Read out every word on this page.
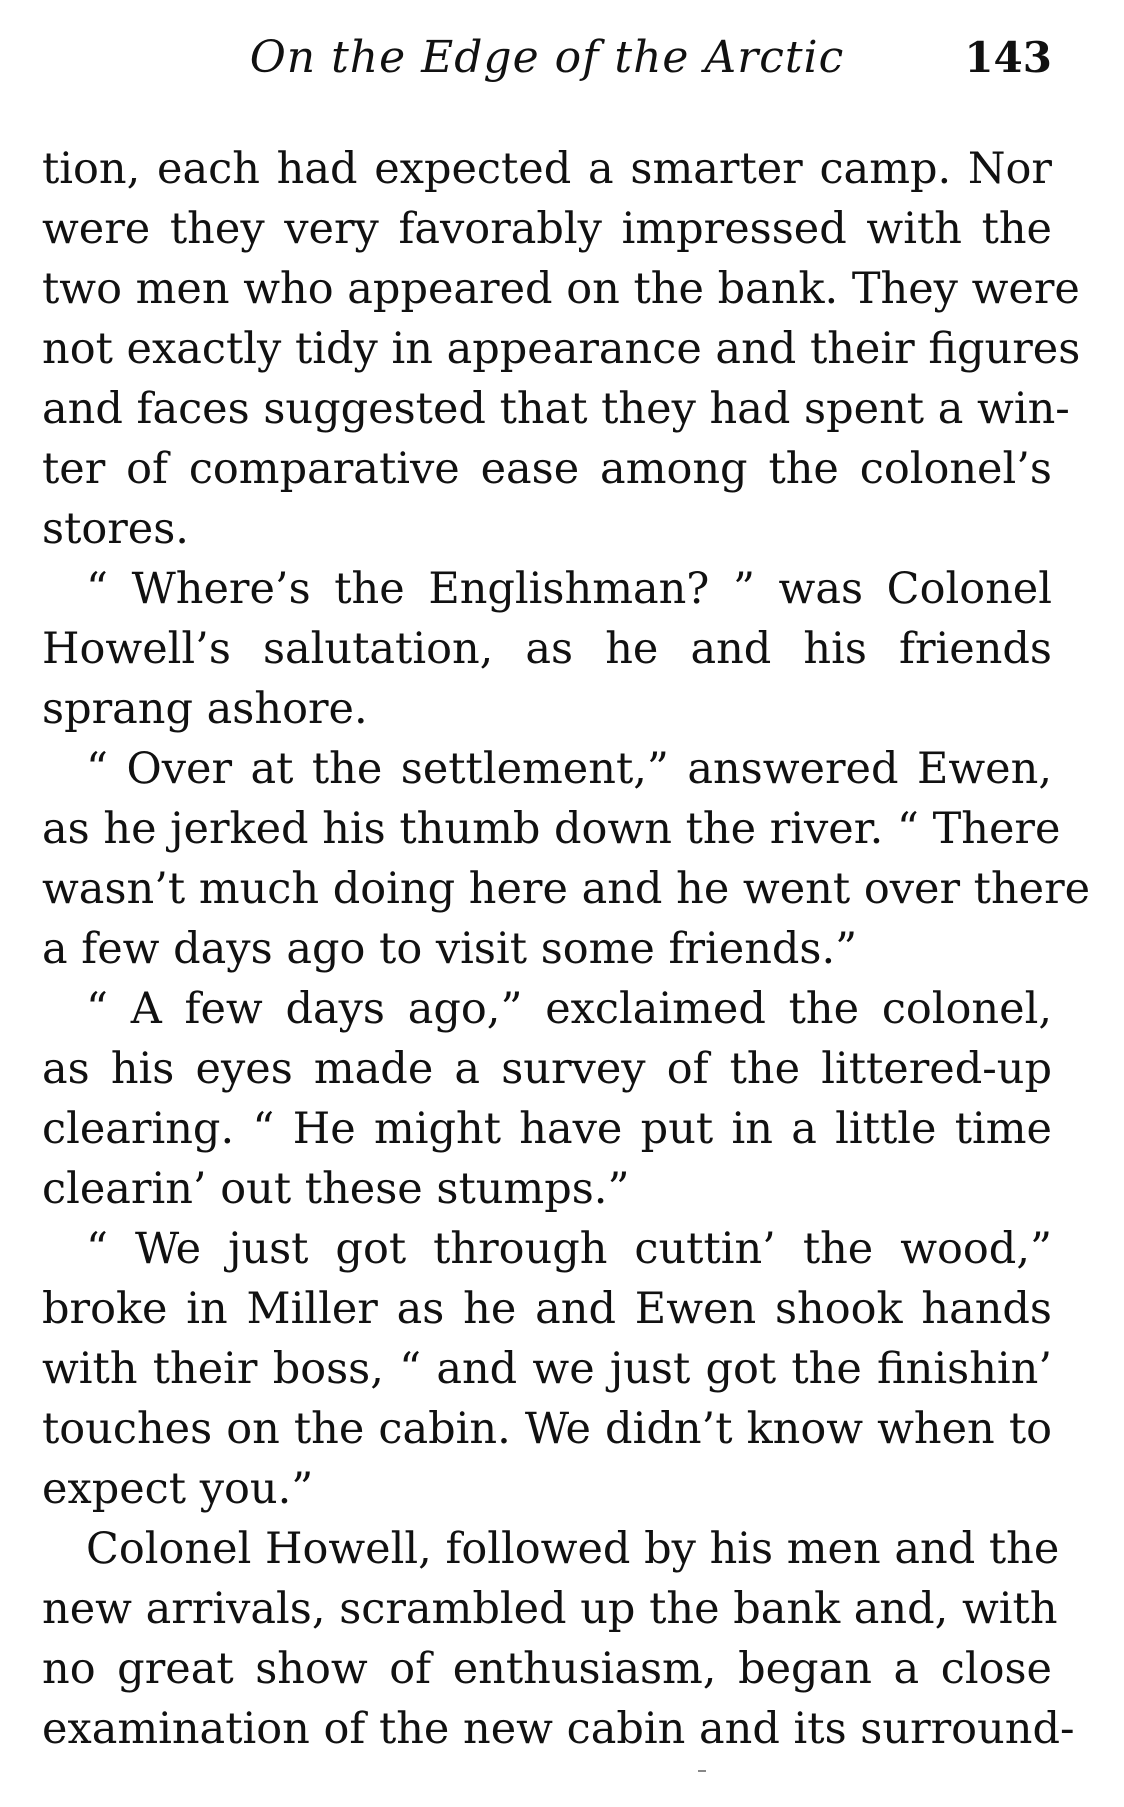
On the Edge of the Arctic	143
tion, each had expected a smarter camp. Nor
were they very favorably impressed with the
two men who appeared on the bank. They were
not exactly tidy in appearance and their figures
and faces suggested that they had spent a win-
ter of comparative ease among the colonel’s
stores.
“ Where’s the Englishman? ” was Colonel
Howell’s salutation, as he and his friends
sprang ashore.
“ Over at the settlement,” answered Ewen,
as he jerked his thumb down the river. “ There
wasn’t much doing here and he went over there
a few days ago to visit some friends.”
“ A few days ago,” exclaimed the colonel,
as his eyes made a survey of the littered-up
clearing. “ He might have put in a little time
clearin’ out these stumps.”
“ We just got through cuttin’ the wood,”
broke in Miller as he and Ewen shook hands
with their boss, “ and we just got the finishin’
touches on the cabin. We didn’t know when to
expect you.”
Colonel Howell, followed by his men and the
new arrivals, scrambled up the bank and, with
no great show of enthusiasm, began a close
examination of the new cabin and its surround-
